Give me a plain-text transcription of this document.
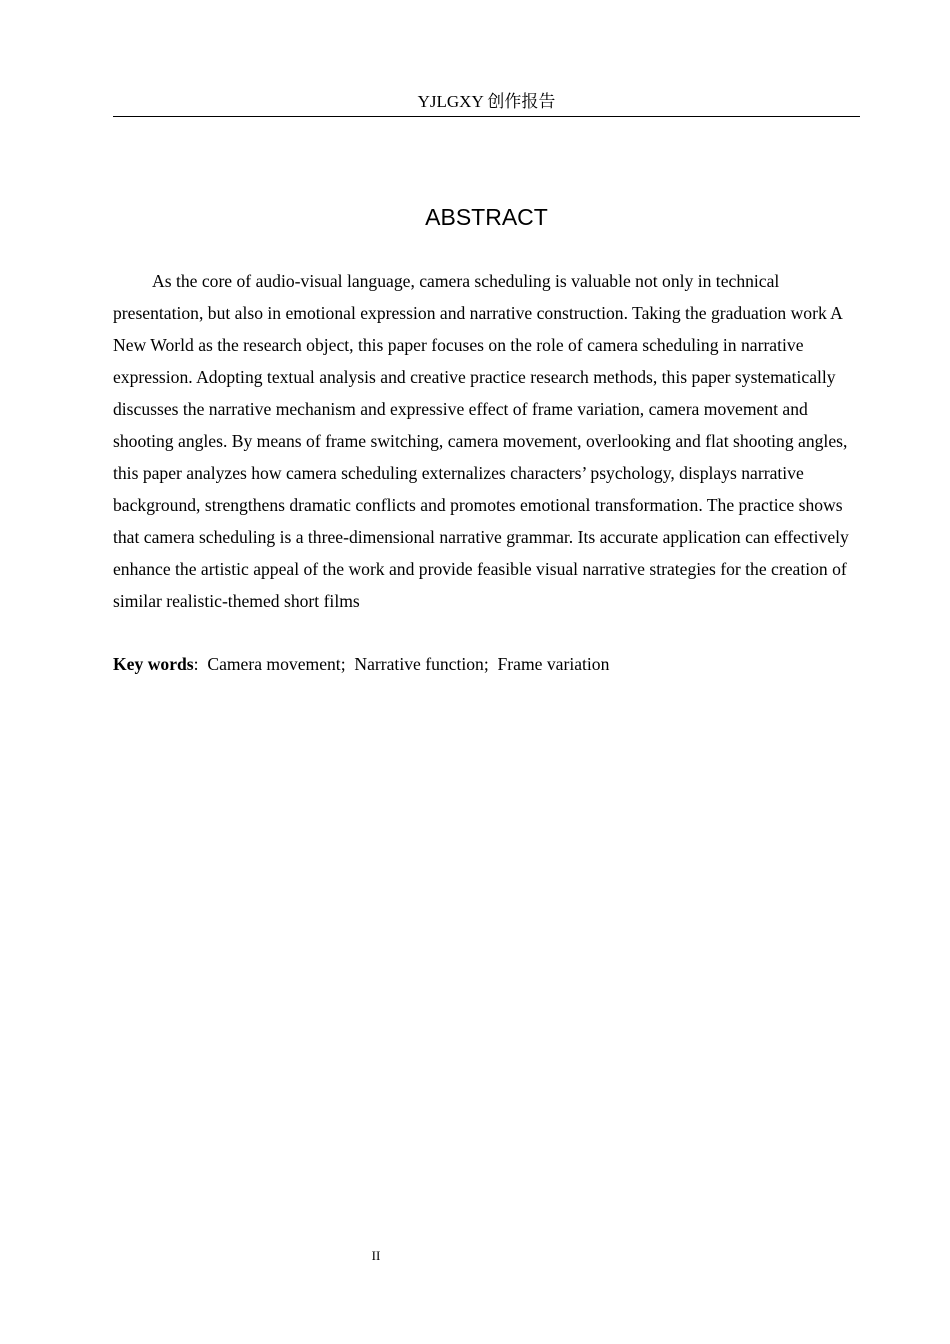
YJLGXY 创作报告
ABSTRACT

As the core of audio-visual language, camera scheduling is valuable not only in technical presentation, but also in emotional expression and narrative construction. Taking the graduation work A New World as the research object, this paper focuses on the role of camera scheduling in narrative expression. Adopting textual analysis and creative practice research methods, this paper systematically discusses the narrative mechanism and expressive effect of frame variation, camera movement and shooting angles. By means of frame switching, camera movement, overlooking and flat shooting angles, this paper analyzes how camera scheduling externalizes characters’ psychology, displays narrative background, strengthens dramatic conflicts and promotes emotional transformation. The practice shows that camera scheduling is a three-dimensional narrative grammar. Its accurate application can effectively enhance the artistic appeal of the work and provide feasible visual narrative strategies for the creation of similar realistic-themed short films

Key words:  Camera movement;  Narrative function;  Frame variation

II
